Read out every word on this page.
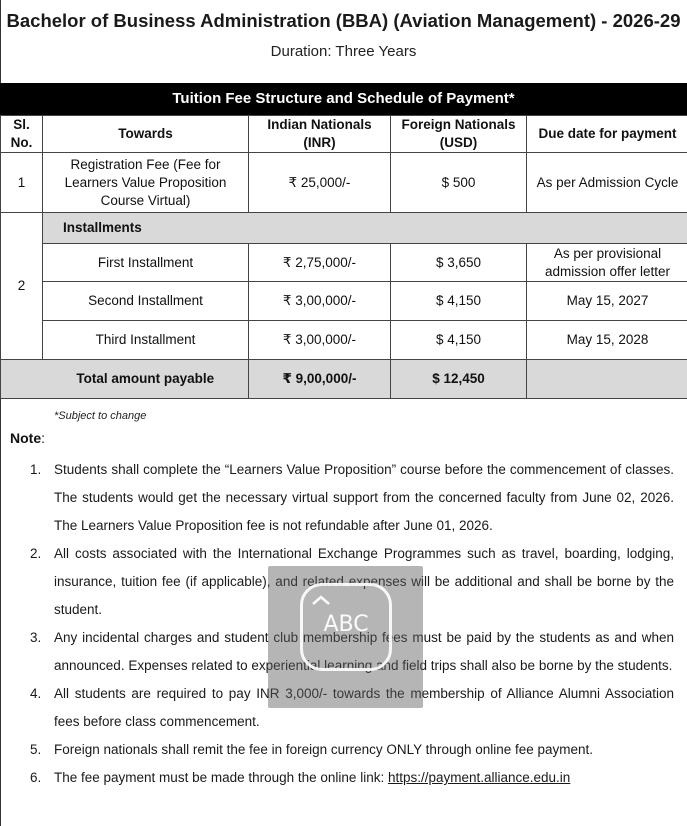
Bachelor of Business Administration (BBA) (Aviation Management) - 2026-29
Duration: Three Years
Tuition Fee Structure and Schedule of Payment*
Sl. No.	Towards	Indian Nationals (INR)	Foreign Nationals (USD)	Due date for payment
1	Registration Fee (Fee for Learners Value Proposition Course Virtual)	₹ 25,000/-	$ 500	As per Admission Cycle
2	Installments			
	First Installment	₹ 2,75,000/-	$ 3,650	As per provisional admission offer letter
	Second Installment	₹ 3,00,000/-	$ 4,150	May 15, 2027
	Third Installment	₹ 3,00,000/-	$ 4,150	May 15, 2028
	Total amount payable	₹ 9,00,000/-	$ 12,450	
*Subject to change
Note:
1. Students shall complete the “Learners Value Proposition” course before the commencement of classes. The students would get the necessary virtual support from the concerned faculty from June 02, 2026. The Learners Value Proposition fee is not refundable after June 01, 2026.
2. All costs associated with the International Exchange Programmes such as travel, boarding, lodging, insurance, tuition fee (if applicable), and related expenses will be additional and shall be borne by the student.
3. Any incidental charges and student club membership fees must be paid by the students as and when announced. Expenses related to experiential learning and field trips shall also be borne by the students.
4. All students are required to pay INR 3,000/- towards the membership of Alliance Alumni Association fees before class commencement.
5. Foreign nationals shall remit the fee in foreign currency ONLY through online fee payment.
6. The fee payment must be made through the online link: https://payment.alliance.edu.in
ABC
